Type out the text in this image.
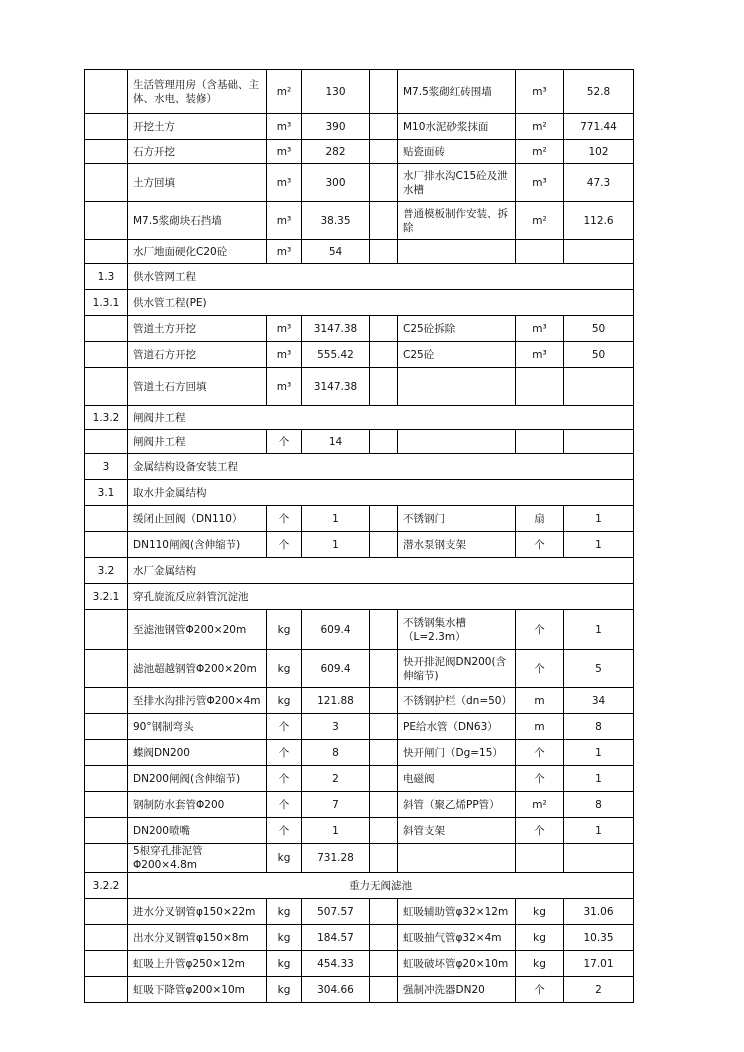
	生活管理用房（含基础、主体、水电、装修）	m²	130		M7.5浆砌红砖围墙	m³	52.8
	开挖土方	m³	390		M10水泥砂浆抹面	m²	771.44
	石方开挖	m³	282		贴瓷面砖	m²	102
	土方回填	m³	300		水厂排水沟C15砼及泄水槽	m³	47.3
	M7.5浆砌块石挡墙	m³	38.35		普通模板制作安装、拆除	m²	112.6
	水厂地面硬化C20砼	m³	54				
1.3	供水管网工程						
1.3.1	供水管工程(PE)						
	管道土方开挖	m³	3147.38		C25砼拆除	m³	50
	管道石方开挖	m³	555.42		C25砼	m³	50
	管道土石方回填	m³	3147.38				
1.3.2	闸阀井工程						
	闸阀井工程	个	14				
3	金属结构设备安装工程						
3.1	取水井金属结构						
	缓闭止回阀（DN110）	个	1		不锈钢门	扇	1
	DN110闸阀(含伸缩节)	个	1		潜水泵钢支架	个	1
3.2	水厂金属结构						
3.2.1	穿孔旋流反应斜管沉淀池						
	至滤池钢管Φ200×20m	kg	609.4		不锈钢集水槽（L=2.3m）	个	1
	滤池超越钢管Φ200×20m	kg	609.4		快开排泥阀DN200(含伸缩节)	个	5
	至排水沟排污管Φ200×4m	kg	121.88		不锈钢护栏（dn=50）	m	34
	90°钢制弯头	个	3		PE给水管（DN63）	m	8
	蝶阀DN200	个	8		快开闸门（Dg=15）	个	1
	DN200闸阀(含伸缩节)	个	2		电磁阀	个	1
	钢制防水套管Φ200	个	7		斜管（聚乙烯PP管）	m²	8
	DN200喷嘴	个	1		斜管支架	个	1
	5根穿孔排泥管Φ200×4.8m	kg	731.28				
3.2.2	重力无阀滤池						
	进水分叉钢管φ150×22m	kg	507.57		虹吸辅助管φ32×12m	kg	31.06
	出水分叉钢管φ150×8m	kg	184.57		虹吸抽气管φ32×4m	kg	10.35
	虹吸上升管φ250×12m	kg	454.33		虹吸破坏管φ20×10m	kg	17.01
	虹吸下降管φ200×10m	kg	304.66		强制冲洗器DN20	个	2
